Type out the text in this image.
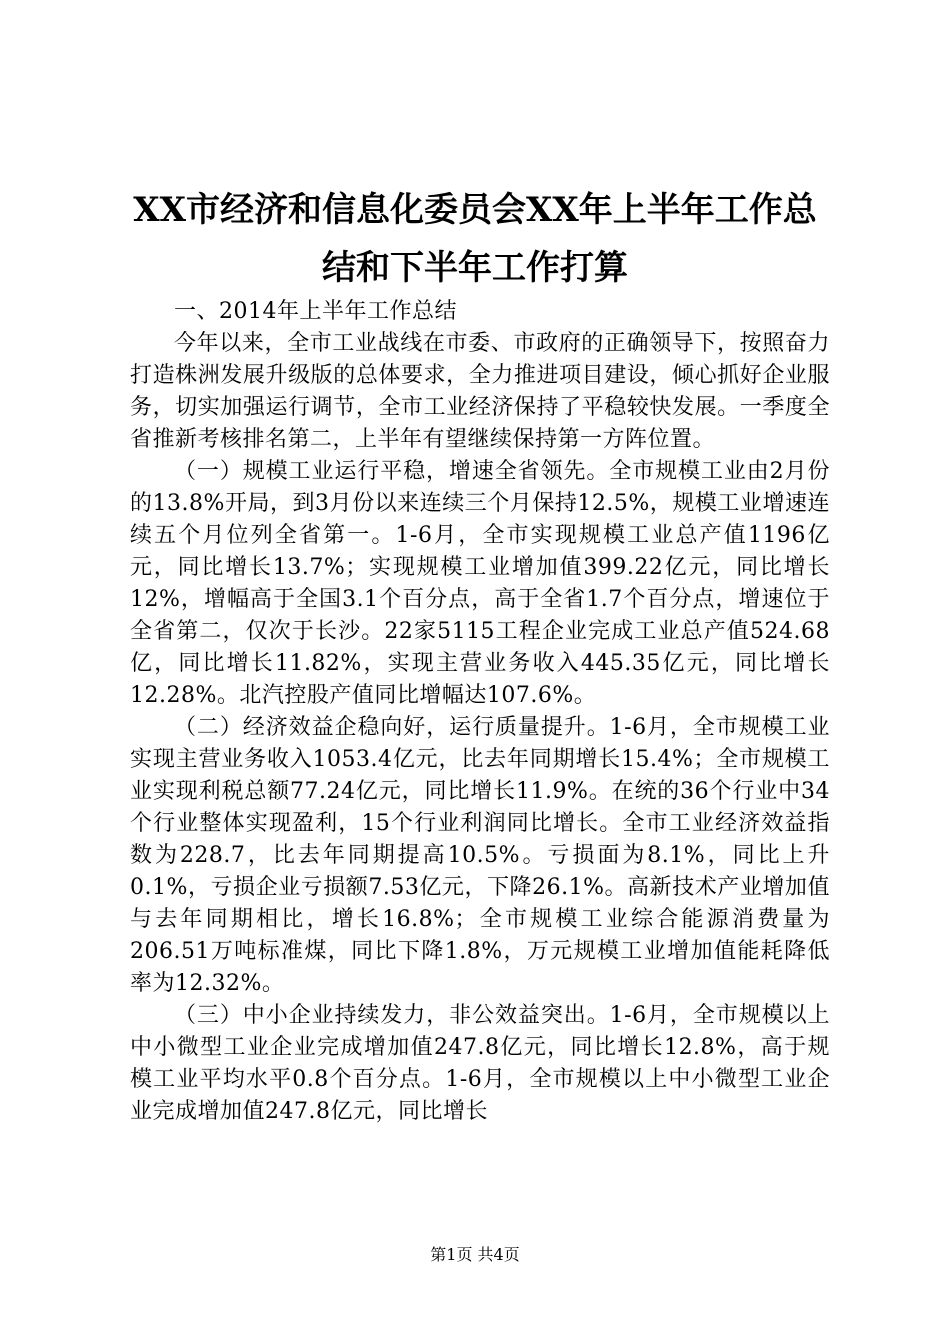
XX市经济和信息化委员会XX年上半年工作总
结和下半年工作打算

一、2014年上半年工作总结

今年以来，全市工业战线在市委、市政府的正确领导下，按照奋力打造株洲发展升级版的总体要求，全力推进项目建设，倾心抓好企业服务，切实加强运行调节，全市工业经济保持了平稳较快发展。一季度全省推新考核排名第二，上半年有望继续保持第一方阵位置。

（一）规模工业运行平稳，增速全省领先。全市规模工业由2月份的13.8%开局，到3月份以来连续三个月保持12.5%，规模工业增速连续五个月位列全省第一。1-6月，全市实现规模工业总产值1196亿元，同比增长13.7%；实现规模工业增加值399.22亿元，同比增长12%，增幅高于全国3.1个百分点，高于全省1.7个百分点，增速位于全省第二，仅次于长沙。22家5115工程企业完成工业总产值524.68亿，同比增长11.82%，实现主营业务收入445.35亿元，同比增长12.28%。北汽控股产值同比增幅达107.6%。

（二）经济效益企稳向好，运行质量提升。1-6月，全市规模工业实现主营业务收入1053.4亿元，比去年同期增长15.4%；全市规模工业实现利税总额77.24亿元，同比增长11.9%。在统的36个行业中34个行业整体实现盈利，15个行业利润同比增长。全市工业经济效益指数为228.7，比去年同期提高10.5%。亏损面为8.1%，同比上升0.1%，亏损企业亏损额7.53亿元，下降26.1%。高新技术产业增加值与去年同期相比，增长16.8%；全市规模工业综合能源消费量为206.51万吨标准煤，同比下降1.8%，万元规模工业增加值能耗降低率为12.32%。

（三）中小企业持续发力，非公效益突出。1-6月，全市规模以上中小微型工业企业完成增加值247.8亿元，同比增长12.8%，高于规模工业平均水平0.8个百分点。1-6月，全市规模以上中小微型工业企业完成增加值247.8亿元，同比增长

第1页 共4页
